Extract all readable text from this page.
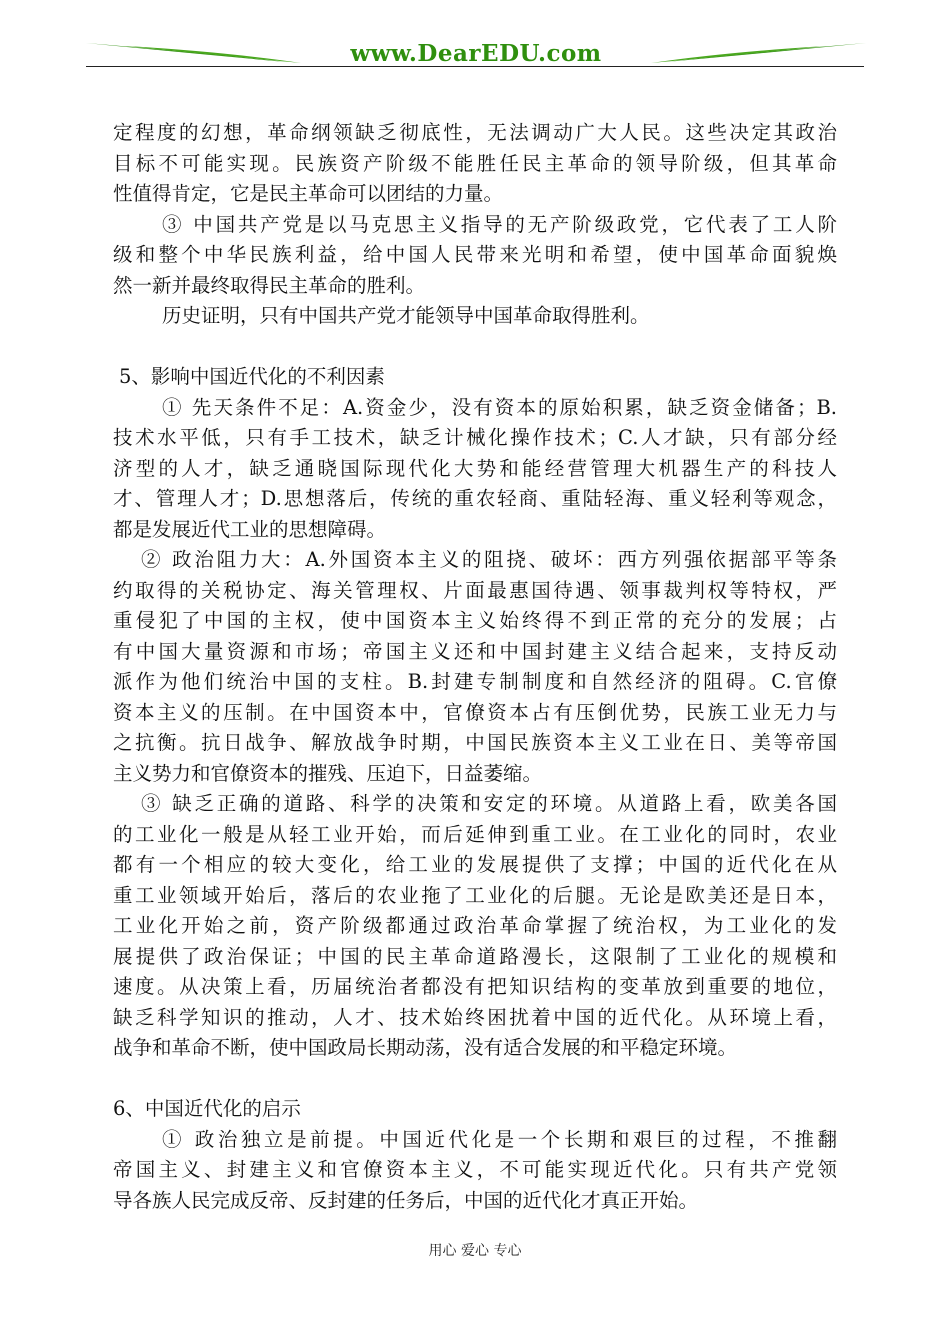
www.DearEDU.com
定程度的幻想，革命纲领缺乏彻底性，无法调动广大人民。这些决定其政治
目标不可能实现。民族资产阶级不能胜任民主革命的领导阶级，但其革命
性值得肯定，它是民主革命可以团结的力量。
③ 中国共产党是以马克思主义指导的无产阶级政党，它代表了工人阶
级和整个中华民族利益，给中国人民带来光明和希望，使中国革命面貌焕
然一新并最终取得民主革命的胜利。
历史证明，只有中国共产党才能领导中国革命取得胜利。
5、影响中国近代化的不利因素
① 先天条件不足：A.资金少，没有资本的原始积累，缺乏资金储备；B.
技术水平低，只有手工技术，缺乏计械化操作技术；C.人才缺，只有部分经
济型的人才，缺乏通晓国际现代化大势和能经营管理大机器生产的科技人
才、管理人才；D.思想落后，传统的重农轻商、重陆轻海、重义轻利等观念，
都是发展近代工业的思想障碍。
② 政治阻力大：A.外国资本主义的阻挠、破坏：西方列强依据部平等条
约取得的关税协定、海关管理权、片面最惠国待遇、领事裁判权等特权，严
重侵犯了中国的主权，使中国资本主义始终得不到正常的充分的发展；占
有中国大量资源和市场；帝国主义还和中国封建主义结合起来，支持反动
派作为他们统治中国的支柱。B.封建专制制度和自然经济的阻碍。C.官僚
资本主义的压制。在中国资本中，官僚资本占有压倒优势，民族工业无力与
之抗衡。抗日战争、解放战争时期，中国民族资本主义工业在日、美等帝国
主义势力和官僚资本的摧残、压迫下，日益萎缩。
③ 缺乏正确的道路、科学的决策和安定的环境。从道路上看，欧美各国
的工业化一般是从轻工业开始，而后延伸到重工业。在工业化的同时，农业
都有一个相应的较大变化，给工业的发展提供了支撑；中国的近代化在从
重工业领域开始后，落后的农业拖了工业化的后腿。无论是欧美还是日本，
工业化开始之前，资产阶级都通过政治革命掌握了统治权，为工业化的发
展提供了政治保证；中国的民主革命道路漫长，这限制了工业化的规模和
速度。从决策上看，历届统治者都没有把知识结构的变革放到重要的地位，
缺乏科学知识的推动，人才、技术始终困扰着中国的近代化。从环境上看，
战争和革命不断，使中国政局长期动荡，没有适合发展的和平稳定环境。
6、中国近代化的启示
① 政治独立是前提。中国近代化是一个长期和艰巨的过程，不推翻
帝国主义、封建主义和官僚资本主义，不可能实现近代化。只有共产党领
导各族人民完成反帝、反封建的任务后，中国的近代化才真正开始。
用心 爱心 专心
